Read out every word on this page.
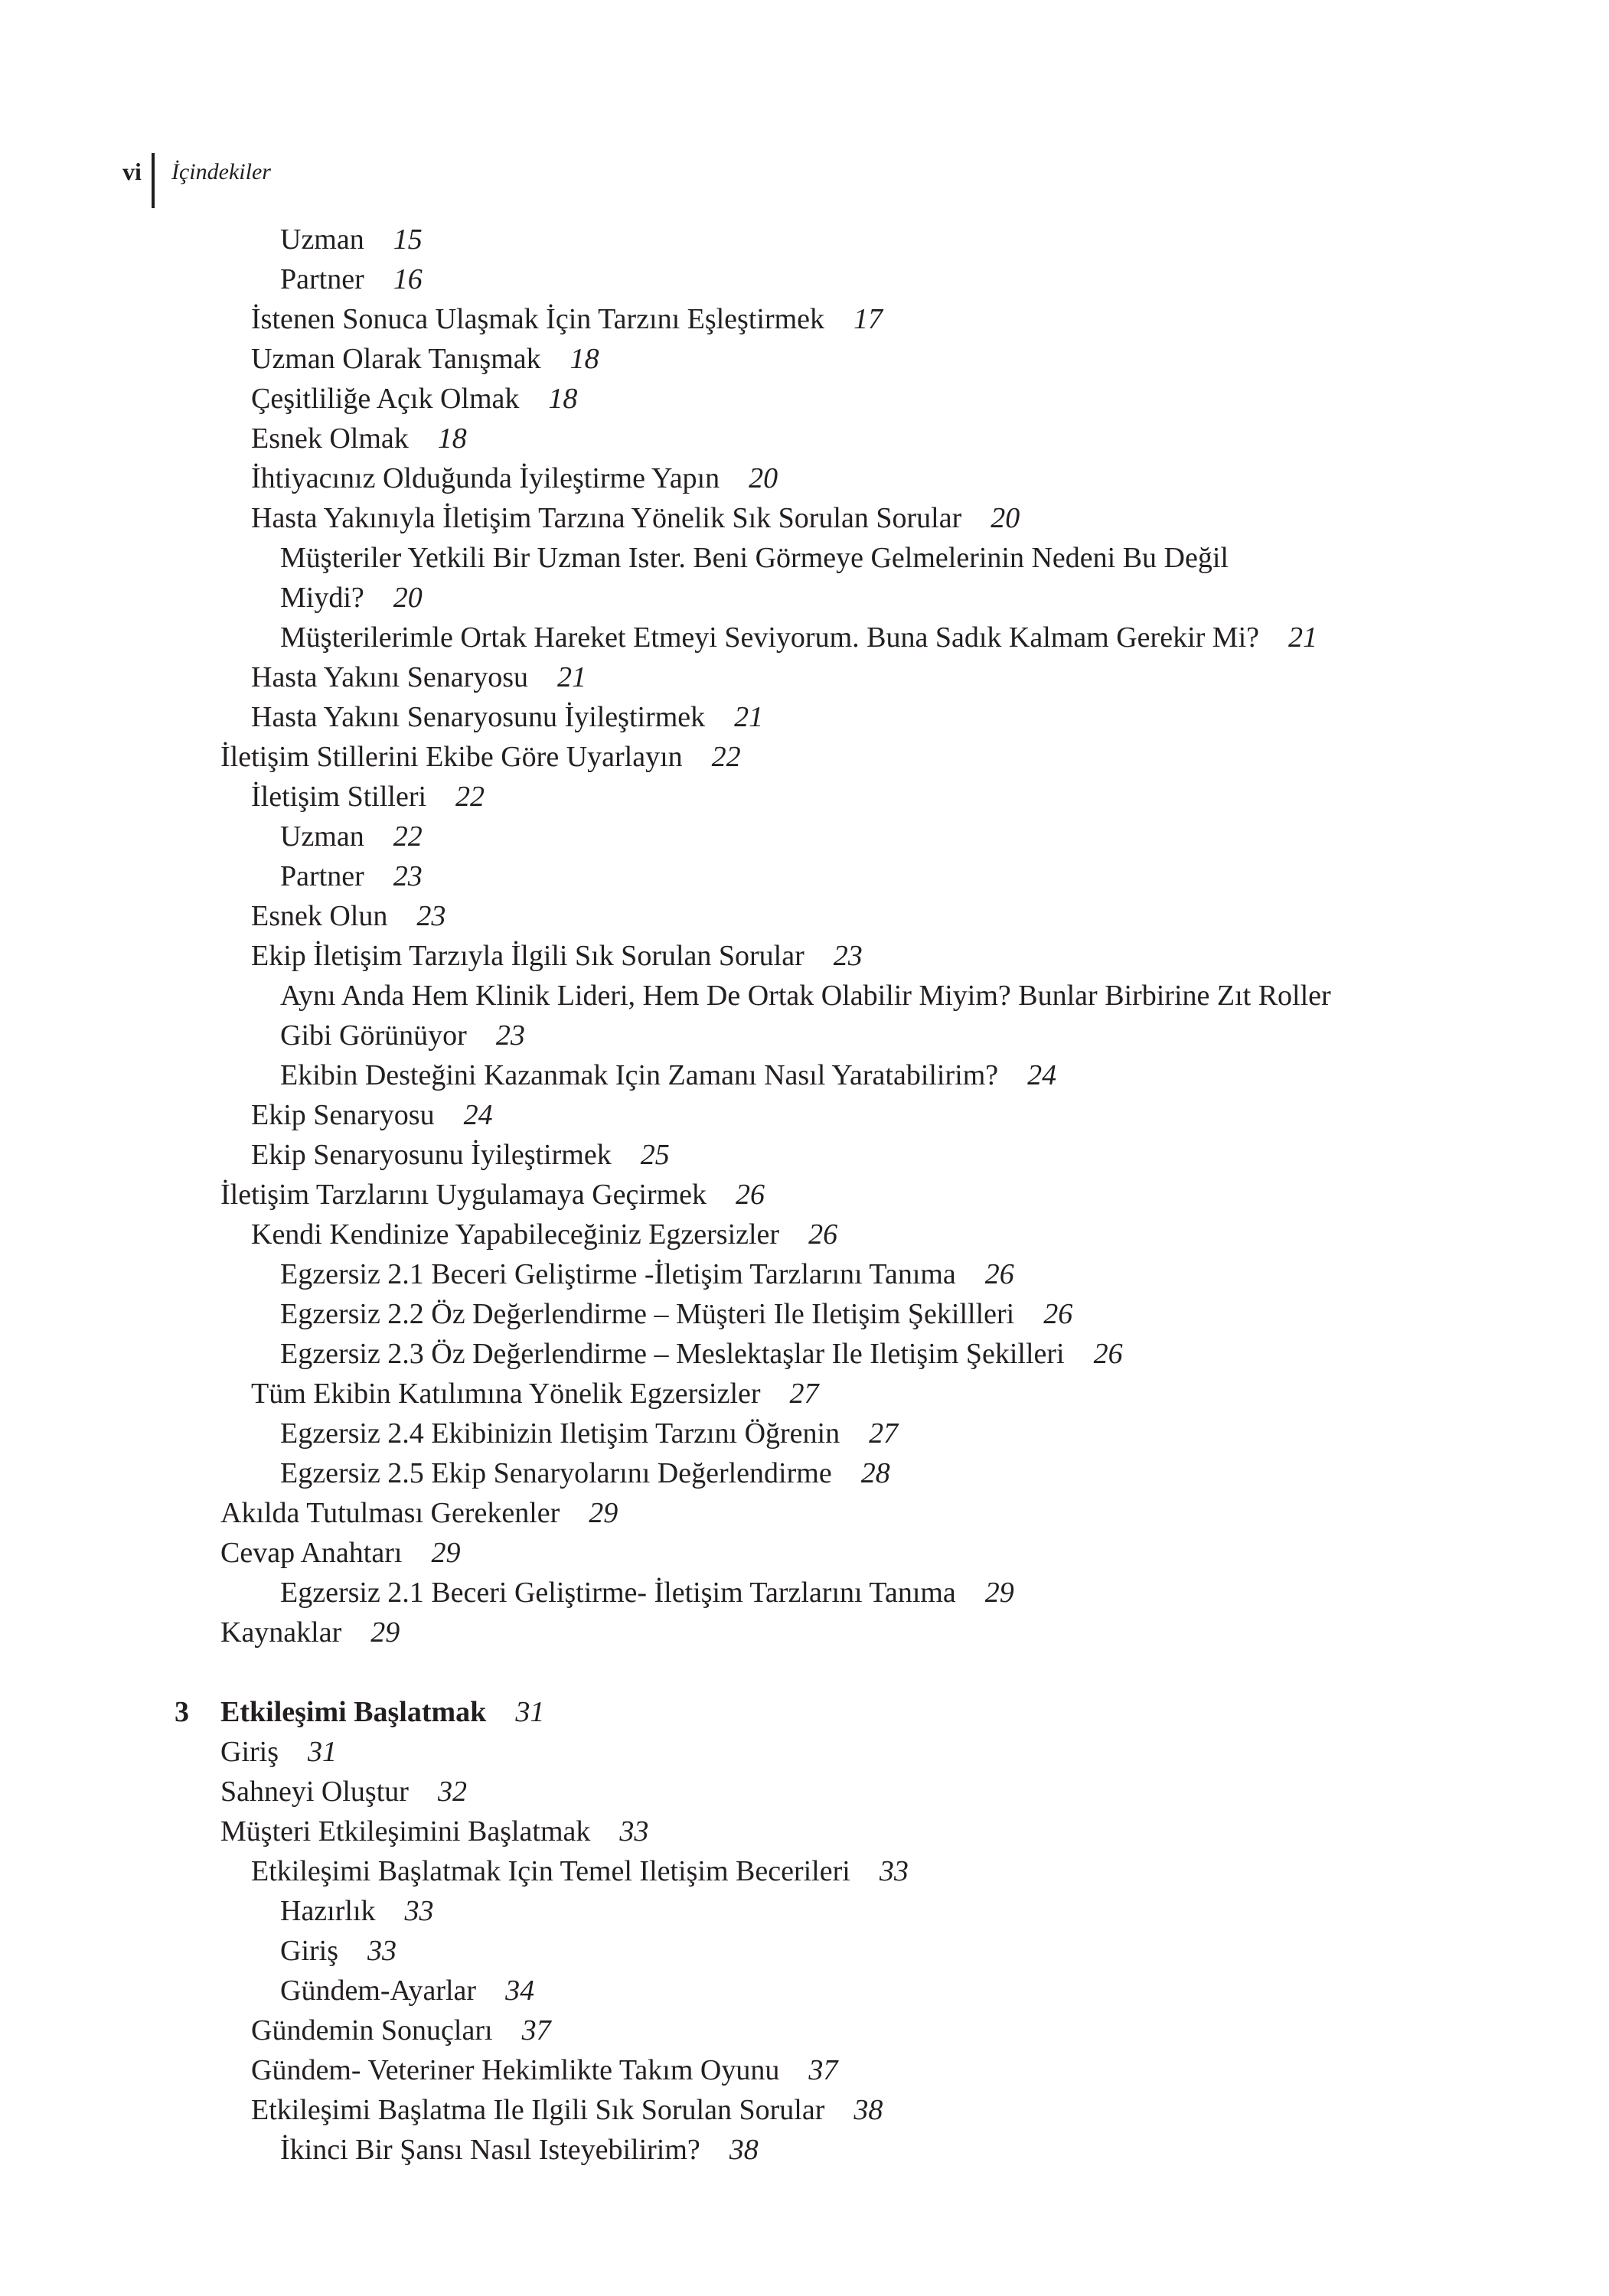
vi İçindekiler
Uzman 15
Partner 16
İstenen Sonuca Ulaşmak İçin Tarzını Eşleştirmek 17
Uzman Olarak Tanışmak 18
Çeşitliliğe Açık Olmak 18
Esnek Olmak 18
İhtiyacınız Olduğunda İyileştirme Yapın 20
Hasta Yakınıyla İletişim Tarzına Yönelik Sık Sorulan Sorular 20
Müşteriler Yetkili Bir Uzman Ister. Beni Görmeye Gelmelerinin Nedeni Bu Değil
Miydi? 20
Müşterilerimle Ortak Hareket Etmeyi Seviyorum. Buna Sadık Kalmam Gerekir Mi? 21
Hasta Yakını Senaryosu 21
Hasta Yakını Senaryosunu İyileştirmek 21
İletişim Stillerini Ekibe Göre Uyarlayın 22
İletişim Stilleri 22
Uzman 22
Partner 23
Esnek Olun 23
Ekip İletişim Tarzıyla İlgili Sık Sorulan Sorular 23
Aynı Anda Hem Klinik Lideri, Hem De Ortak Olabilir Miyim? Bunlar Birbirine Zıt Roller
Gibi Görünüyor 23
Ekibin Desteğini Kazanmak Için Zamanı Nasıl Yaratabilirim? 24
Ekip Senaryosu 24
Ekip Senaryosunu İyileştirmek 25
İletişim Tarzlarını Uygulamaya Geçirmek 26
Kendi Kendinize Yapabileceğiniz Egzersizler 26
Egzersiz 2.1 Beceri Geliştirme -İletişim Tarzlarını Tanıma 26
Egzersiz 2.2 Öz Değerlendirme – Müşteri Ile Iletişim Şekillleri 26
Egzersiz 2.3 Öz Değerlendirme – Meslektaşlar Ile Iletişim Şekilleri 26
Tüm Ekibin Katılımına Yönelik Egzersizler 27
Egzersiz 2.4 Ekibinizin Iletişim Tarzını Öğrenin 27
Egzersiz 2.5 Ekip Senaryolarını Değerlendirme 28
Akılda Tutulması Gerekenler 29
Cevap Anahtarı 29
Egzersiz 2.1 Beceri Geliştirme- İletişim Tarzlarını Tanıma 29
Kaynaklar 29
3 Etkileşimi Başlatmak 31
Giriş 31
Sahneyi Oluştur 32
Müşteri Etkileşimini Başlatmak 33
Etkileşimi Başlatmak Için Temel Iletişim Becerileri 33
Hazırlık 33
Giriş 33
Gündem-Ayarlar 34
Gündemin Sonuçları 37
Gündem- Veteriner Hekimlikte Takım Oyunu 37
Etkileşimi Başlatma Ile Ilgili Sık Sorulan Sorular 38
İkinci Bir Şansı Nasıl Isteyebilirim? 38
